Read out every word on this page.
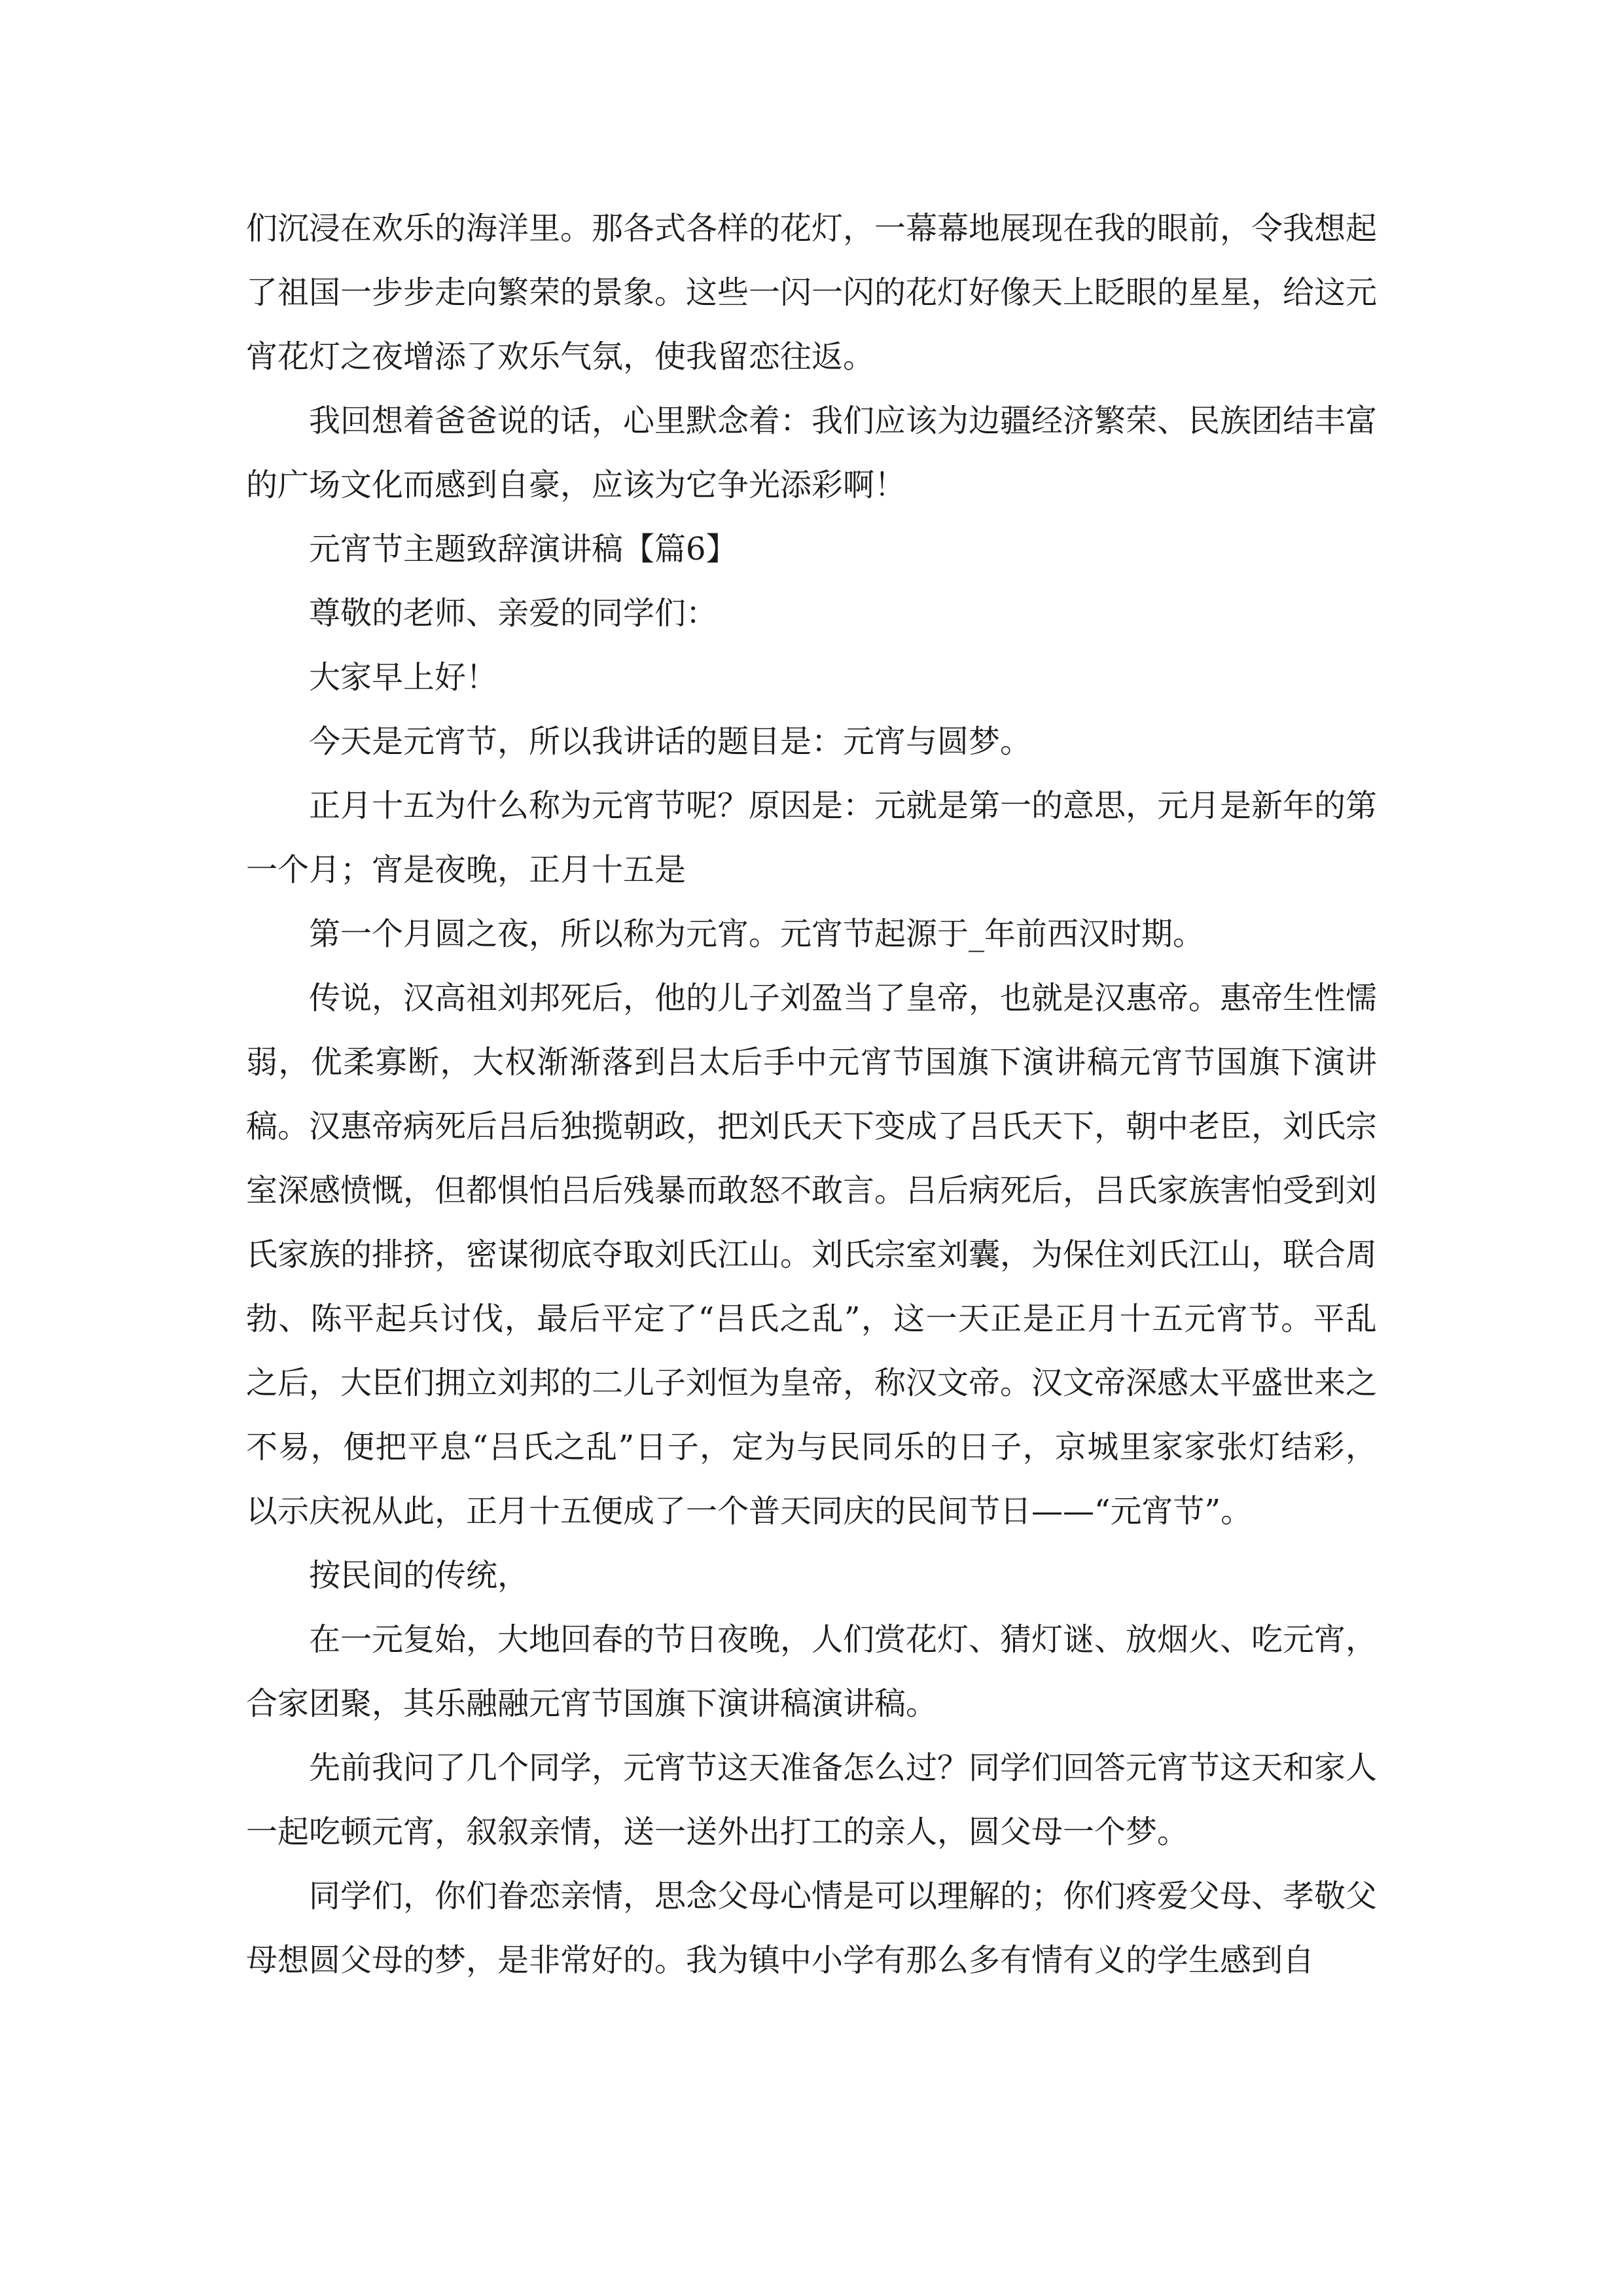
们沉浸在欢乐的海洋里。那各式各样的花灯，一幕幕地展现在我的眼前，令我想起了祖国一步步走向繁荣的景象。这些一闪一闪的花灯好像天上眨眼的星星，给这元宵花灯之夜增添了欢乐气氛，使我留恋往返。

我回想着爸爸说的话，心里默念着：我们应该为边疆经济繁荣、民族团结丰富的广场文化而感到自豪，应该为它争光添彩啊！

元宵节主题致辞演讲稿【篇6】

尊敬的老师、亲爱的同学们：

大家早上好！

今天是元宵节，所以我讲话的题目是：元宵与圆梦。

正月十五为什么称为元宵节呢？原因是：元就是第一的意思，元月是新年的第一个月；宵是夜晚，正月十五是

第一个月圆之夜，所以称为元宵。元宵节起源于_年前西汉时期。

传说，汉高祖刘邦死后，他的儿子刘盈当了皇帝，也就是汉惠帝。惠帝生性懦弱，优柔寡断，大权渐渐落到吕太后手中元宵节国旗下演讲稿元宵节国旗下演讲稿。汉惠帝病死后吕后独揽朝政，把刘氏天下变成了吕氏天下，朝中老臣，刘氏宗室深感愤慨，但都惧怕吕后残暴而敢怒不敢言。吕后病死后，吕氏家族害怕受到刘氏家族的排挤，密谋彻底夺取刘氏江山。刘氏宗室刘囊，为保住刘氏江山，联合周勃、陈平起兵讨伐，最后平定了“吕氏之乱”，这一天正是正月十五元宵节。平乱之后，大臣们拥立刘邦的二儿子刘恒为皇帝，称汉文帝。汉文帝深感太平盛世来之不易，便把平息“吕氏之乱”日子，定为与民同乐的日子，京城里家家张灯结彩，以示庆祝从此，正月十五便成了一个普天同庆的民间节日——“元宵节”。

按民间的传统，

在一元复始，大地回春的节日夜晚，人们赏花灯、猜灯谜、放烟火、吃元宵，合家团聚，其乐融融元宵节国旗下演讲稿演讲稿。

先前我问了几个同学，元宵节这天准备怎么过？同学们回答元宵节这天和家人一起吃顿元宵，叙叙亲情，送一送外出打工的亲人，圆父母一个梦。

同学们，你们眷恋亲情，思念父母心情是可以理解的；你们疼爱父母、孝敬父母想圆父母的梦，是非常好的。我为镇中小学有那么多有情有义的学生感到自
